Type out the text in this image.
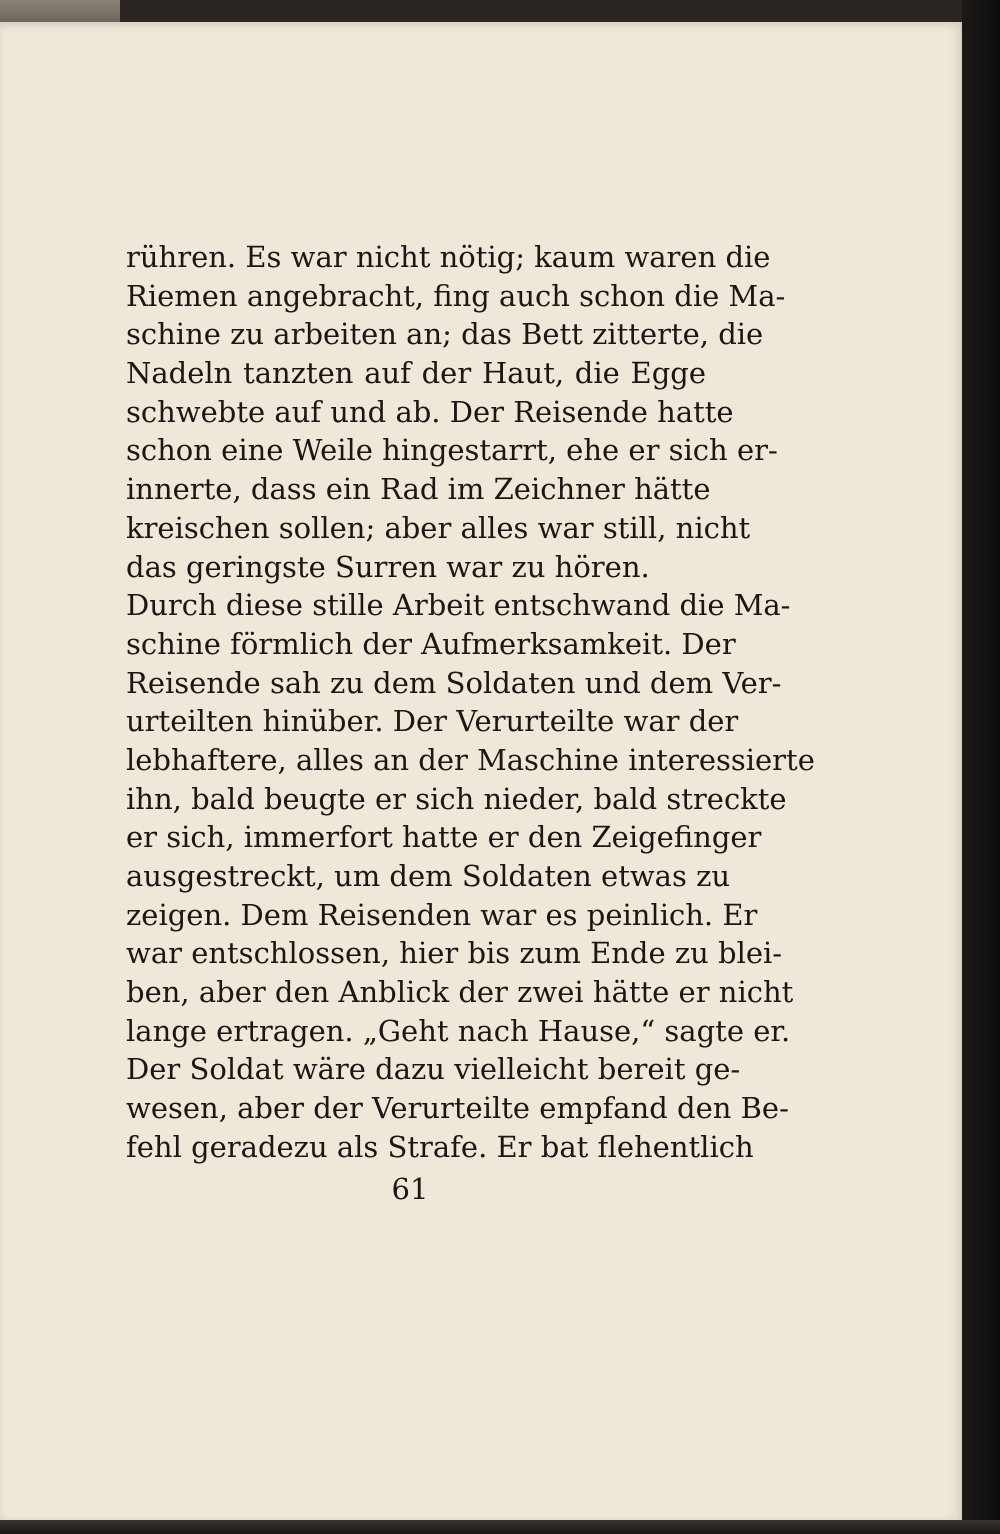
rühren. Es war nicht nötig; kaum waren die
Riemen angebracht, fing auch schon die Ma-
schine zu arbeiten an; das Bett zitterte, die
Nadeln tanzten auf der Haut, die Egge
schwebte auf und ab. Der Reisende hatte
schon eine Weile hingestarrt, ehe er sich er-
innerte, dass ein Rad im Zeichner hätte
kreischen sollen; aber alles war still, nicht
das geringste Surren war zu hören.
Durch diese stille Arbeit entschwand die Ma-
schine förmlich der Aufmerksamkeit. Der
Reisende sah zu dem Soldaten und dem Ver-
urteilten hinüber. Der Verurteilte war der
lebhaftere, alles an der Maschine interessierte
ihn, bald beugte er sich nieder, bald streckte
er sich, immerfort hatte er den Zeigefinger
ausgestreckt, um dem Soldaten etwas zu
zeigen. Dem Reisenden war es peinlich. Er
war entschlossen, hier bis zum Ende zu blei-
ben, aber den Anblick der zwei hätte er nicht
lange ertragen. „Geht nach Hause,“ sagte er.
Der Soldat wäre dazu vielleicht bereit ge-
wesen, aber der Verurteilte empfand den Be-
fehl geradezu als Strafe. Er bat flehentlich
61
